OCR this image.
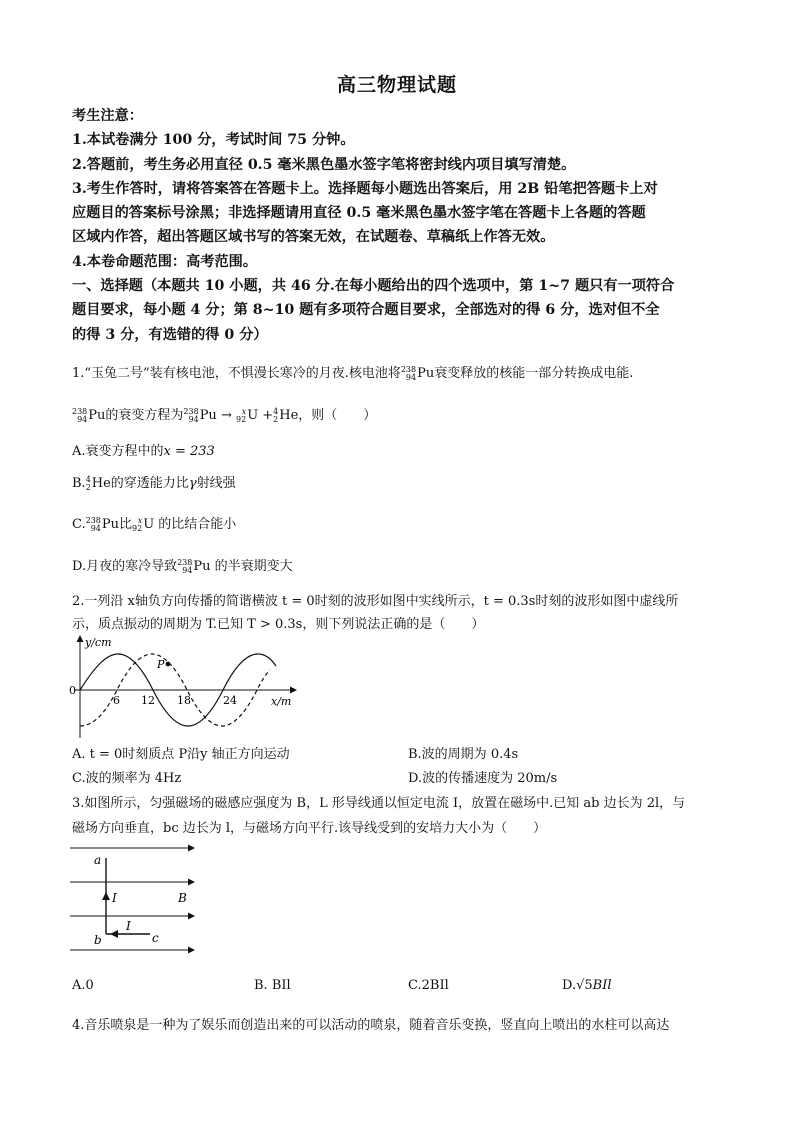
高三物理试题
考生注意：
1.本试卷满分 100 分，考试时间 75 分钟。
2.答题前，考生务必用直径 0.5 毫米黑色墨水签字笔将密封线内项目填写清楚。
3.考生作答时，请将答案答在答题卡上。选择题每小题选出答案后，用 2B 铅笔把答题卡上对
应题目的答案标号涂黑；非选择题请用直径 0.5 毫米黑色墨水签字笔在答题卡上各题的答题
区域内作答，超出答题区域书写的答案无效，在试题卷、草稿纸上作答无效。
4.本卷命题范围：高考范围。
一、选择题（本题共 10 小题，共 46 分.在每小题给出的四个选项中，第 1~7 题只有一项符合
题目要求，每小题 4 分；第 8~10 题有多项符合题目要求，全部选对的得 6 分，选对但不全
的得 3 分，有选错的得 0 分）
1.“玉兔二号”装有核电池，不惧漫长寒冷的月夜.核电池将 238
94 Pu衰变释放的核能一部分转换成电能.
238
94 Pu的衰变方程为 238
94 Pu →	x
92 U + 4
2 He，则（　　）
A.衰变方程中的x = 233
B. 4
2 He的穿透能力比γ射线强
C. 238
94 Pu比 x
92 U 的比结合能小
D.月夜的寒冷导致 238
94 Pu 的半衰期变大
2.一列沿 x轴负方向传播的简谐横波 t = 0时刻的波形如图中实线所示，t = 0.3s时刻的波形如图中虚线所
示，质点振动的周期为 T.已知 T > 0.3s，则下列说法正确的是（　　）
y/cm
x/m
0
6 12 18	24
P
A. t = 0时刻质点 P沿y 轴正方向运动	B.波的周期为 0.4s
C.波的频率为 4Hz	D.波的传播速度为 20m/s
3.如图所示，匀强磁场的磁感应强度为 B，L 形导线通以恒定电流 I，放置在磁场中.已知 ab 边长为 2l，与
磁场方向垂直，bc 边长为 l，与磁场方向平行.该导线受到的安培力大小为（　　）
a
b	c
I
I
B
A.0	B. BIl	C.2BIl	D.√5BIl
4.音乐喷泉是一种为了娱乐而创造出来的可以活动的喷泉，随着音乐变换，竖直向上喷出的水柱可以高达
